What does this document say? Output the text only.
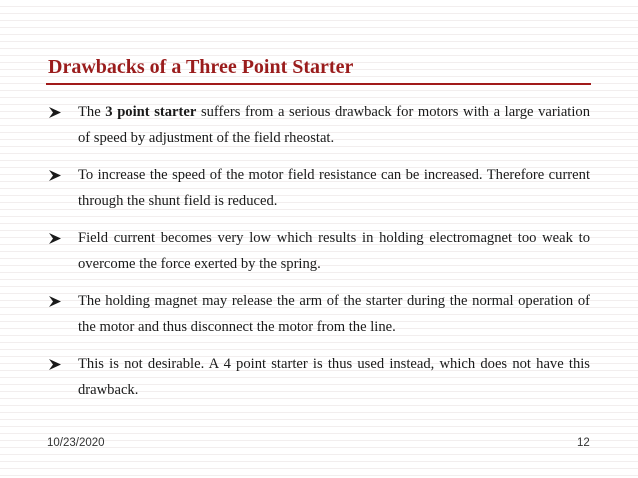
Drawbacks of a Three Point Starter
The 3 point starter suffers from a serious drawback for motors with a large variation of speed by adjustment of the field rheostat.
To increase the speed of the motor field resistance can be increased. Therefore current through the shunt field is reduced.
Field current becomes very low which results in holding electromagnet too weak to overcome the force exerted by the spring.
The holding magnet may release the arm of the starter during the normal operation of the motor and thus disconnect the motor from the line.
This is not desirable. A 4 point starter is thus used instead, which does not have this drawback.
10/23/2020	12
